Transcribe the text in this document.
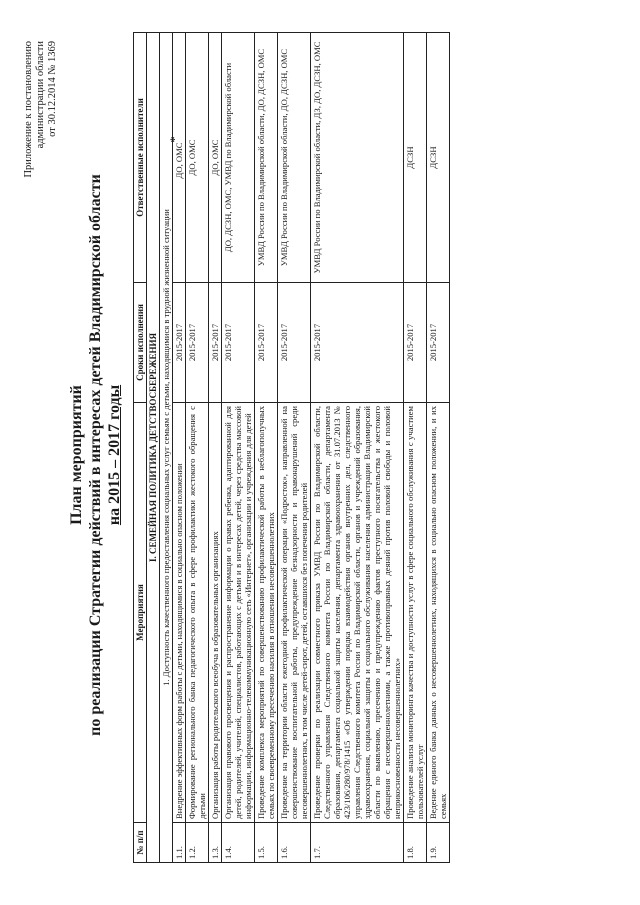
Приложение к постановлению администрации области от 30.12.2014 № 1369
План мероприятий по реализации Стратегии действий в интересах детей Владимирской области на 2015 – 2017 годы
№ п/п	Мероприятия	Сроки исполнения	Ответственные исполнители
I. СЕМЕЙНАЯ ПОЛИТИКА ДЕТСТВОСБЕРЕЖЕНИЯ			
1. Доступность качественного предоставления социальных услуг семьям с детьми, находящимися в трудной жизненной ситуации			
1.1.	Внедрение эффективных форм работы с детьми, находящимися в социально опасном положении	2015-2017	ДО, ОМС*
1.2.	Формирование регионального банка педагогического опыта в сфере профилактики жестокого обращения с детьми	2015-2017	ДО, ОМС
1.3.	Организация работы родительского всеобуча в образовательных организациях	2015-2017	ДО, ОМС
1.4.	Организация правового просвещения и распространение информации о правах ребенка, адаптированной для детей, родителей, учителей, специалистов, работающих с детьми и в интересах детей, через средства массовой информации, информационно-телекоммуникационную сеть «Интернет», организации и учреждения для детей	2015-2017	ДО, ДСЗН, ОМС, УМВД по Владимирской области
1.5.	Проведение комплекса мероприятий по совершенствованию профилактической работы в неблагополучных семьях по своевременному пресечению насилия в отношении несовершеннолетних	2015-2017	УМВД России по Владимирской области, ДО, ДСЗН, ОМС
1.6.	Проведение на территории области ежегодной профилактической операции «Подросток», направленной на совершенствование воспитательной работы, предупреждение безнадзорности и правонарушений среди несовершеннолетних, в том числе детей-сирот, детей, оставшихся без попечения родителей	2015-2017	УМВД России по Владимирской области, ДО, ДСЗН, ОМС
1.7.	Проведение проверки по реализации совместного приказа УМВД России по Владимирской области, Следственного управления Следственного комитета России по Владимирской области, департамента образования, департамента социальной защиты населения, департамента здравоохранения от 31.07.2013 № 423/106/280/978/1415 «Об утверждении порядка взаимодействия органов внутренних дел, следственного управления Следственного комитета России по Владимирской области, органов и учреждений образования, здравоохранения, социальной защиты и социального обслуживания населения администрации Владимирской области по выявлению, пресечению и предупреждению фактов преступного посягательства и жестокого обращения с несовершеннолетними, а также противоправных деяний против половой свободы и половой неприкосновенности несовершеннолетних»	2015-2017	УМВД России по Владимирской области, ДЗ, ДО, ДСЗН, ОМС
1.8.	Проведение анализа мониторинга качества и доступности услуг в сфере социального обслуживания с участием пользователей услуг	2015-2017	ДСЗН
1.9.	Ведение единого банка данных о несовершеннолетних, находящихся в социально опасном положении, и их семьях	2015-2017	ДСЗН
